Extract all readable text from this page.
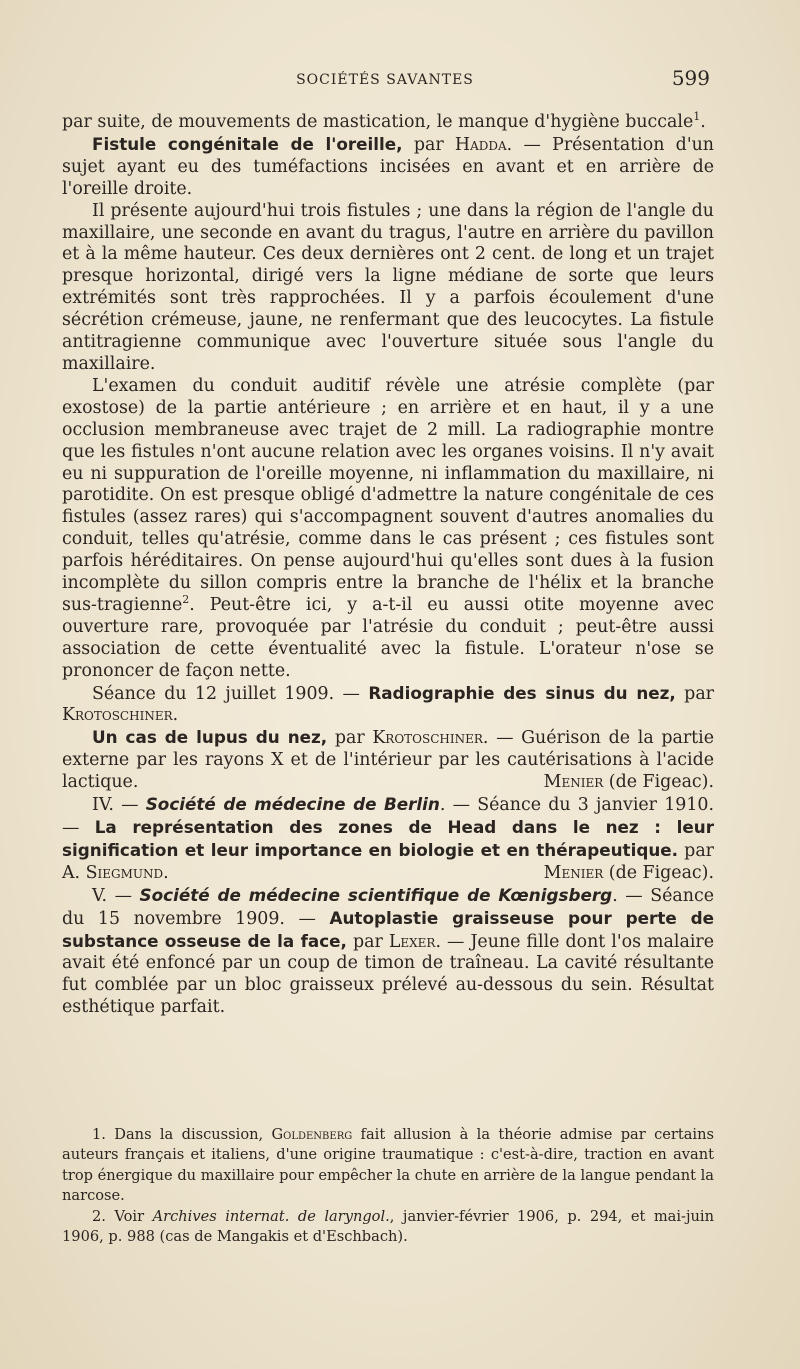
SOCIÉTÉS SAVANTES	599

par suite, de mouvements de mastication, le manque d'hygiène buccale$^1$.

Fistule congénitale de l'oreille, par Hadda. — Présentation d'un sujet ayant eu des tuméfactions incisées en avant et en arrière de l'oreille droite.

Il présente aujourd'hui trois fistules ; une dans la région de l'angle du maxillaire, une seconde en avant du tragus, l'autre en arrière du pavillon et à la même hauteur. Ces deux dernières ont 2 cent. de long et un trajet presque horizontal, dirigé vers la ligne médiane de sorte que leurs extrémités sont très rapprochées. Il y a parfois écoulement d'une sécrétion crémeuse, jaune, ne renfermant que des leucocytes. La fistule antitragienne communique avec l'ouverture située sous l'angle du maxillaire.

L'examen du conduit auditif révèle une atrésie complète (par exostose) de la partie antérieure ; en arrière et en haut, il y a une occlusion membraneuse avec trajet de 2 mill. La radiographie montre que les fistules n'ont aucune relation avec les organes voisins. Il n'y avait eu ni suppuration de l'oreille moyenne, ni inflammation du maxillaire, ni parotidite. On est presque obligé d'admettre la nature congénitale de ces fistules (assez rares) qui s'accompagnent souvent d'autres anomalies du conduit, telles qu'atrésie, comme dans le cas présent ; ces fistules sont parfois héréditaires. On pense aujourd'hui qu'elles sont dues à la fusion incomplète du sillon compris entre la branche de l'hélix et la branche sus-tragienne$^2$. Peut-être ici, y a-t-il eu aussi otite moyenne avec ouverture rare, provoquée par l'atrésie du conduit ; peut-être aussi association de cette éventualité avec la fistule. L'orateur n'ose se prononcer de façon nette.

Séance du 12 juillet 1909. — Radiographie des sinus du nez, par Krotoschiner.

Un cas de lupus du nez, par Krotoschiner. — Guérison de la partie externe par les rayons X et de l'intérieur par les cautérisations à l'acide lactique.	Menier (de Figeac).

IV. — Société de médecine de Berlin. — Séance du 3 janvier 1910. — La représentation des zones de Head dans le nez : leur signification et leur importance en biologie et en thérapeutique. par A. Siegmund.	Menier (de Figeac).

V. — Société de médecine scientifique de Kœnigsberg. — Séance du 15 novembre 1909. — Autoplastie graisseuse pour perte de substance osseuse de la face, par Lexer. — Jeune fille dont l'os malaire avait été enfoncé par un coup de timon de traîneau. La cavité résultante fut comblée par un bloc graisseux prélevé au-dessous du sein. Résultat esthétique parfait.

1. Dans la discussion, Goldenberg fait allusion à la théorie admise par certains auteurs français et italiens, d'une origine traumatique : c'est-à-dire, traction en avant trop énergique du maxillaire pour empêcher la chute en arrière de la langue pendant la narcose.

2. Voir Archives internat. de laryngol., janvier-février 1906, p. 294, et mai-juin 1906, p. 988 (cas de Mangakis et d'Eschbach).
